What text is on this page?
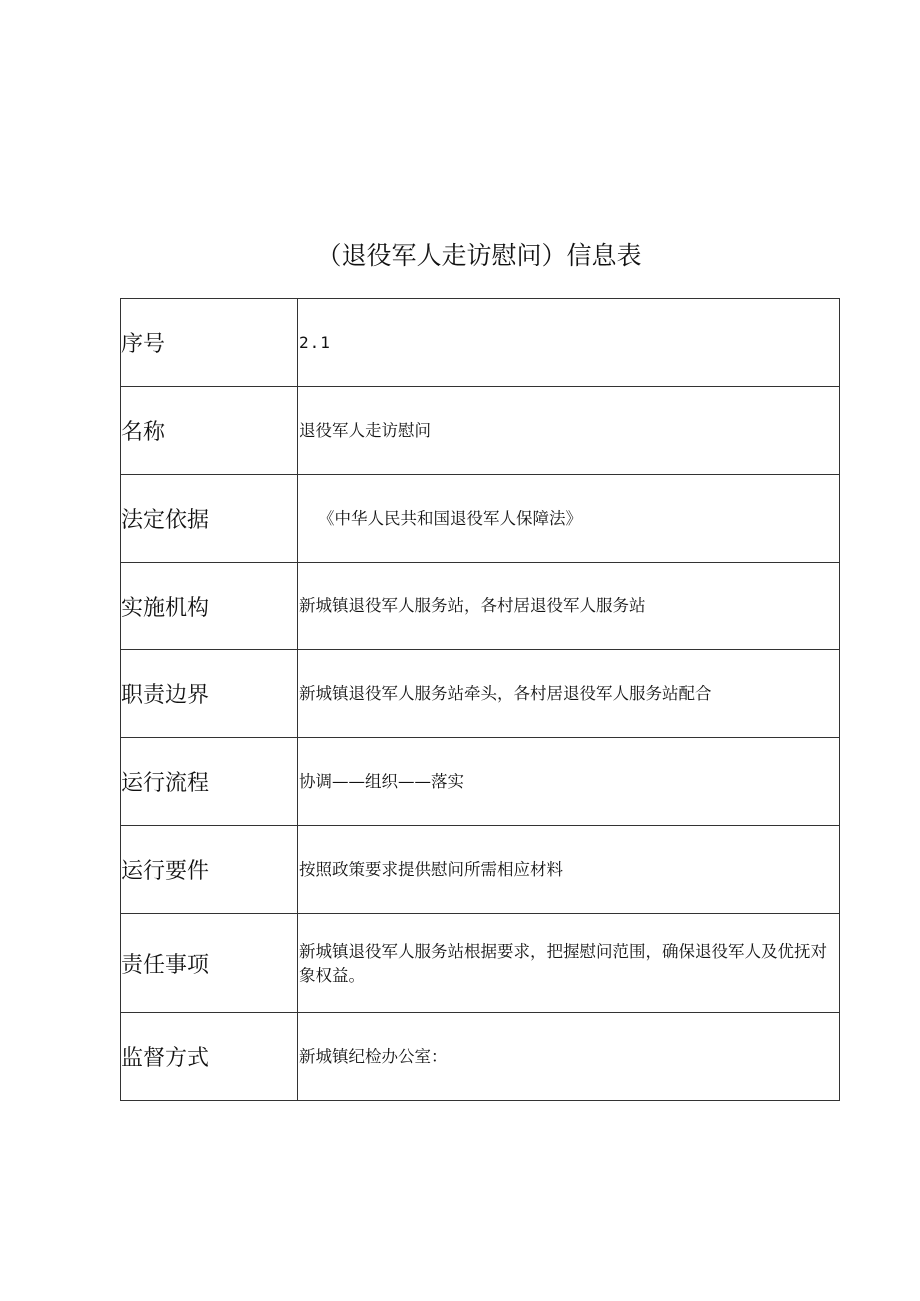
（退役军人走访慰问）信息表
序号	2.1
名称	退役军人走访慰问
法定依据	《中华人民共和国退役军人保障法》
实施机构	新城镇退役军人服务站，各村居退役军人服务站
职责边界	新城镇退役军人服务站牵头，各村居退役军人服务站配合
运行流程	协调——组织——落实
运行要件	按照政策要求提供慰问所需相应材料
责任事项	新城镇退役军人服务站根据要求，把握慰问范围，确保退役军人及优抚对象权益。
监督方式	新城镇纪检办公室：
